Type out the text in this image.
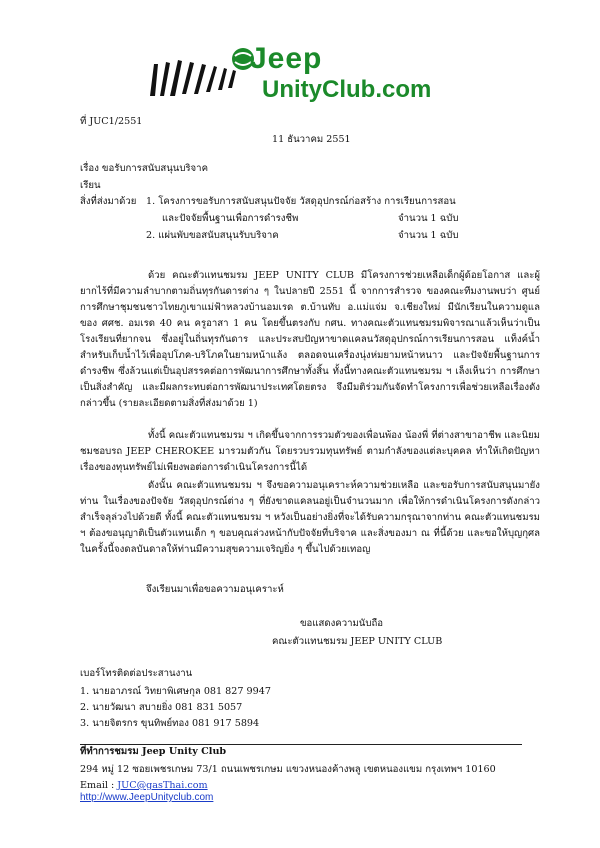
Jeep
UnityClub.com
ที่ JUC1/2551
11 ธันวาคม 2551
เรื่อง ขอรับการสนับสนุนบริจาค
เรียน
สิ่งที่ส่งมาด้วย 1. โครงการขอรับการสนับสนุนปัจจัย วัสดุอุปกรณ์ก่อสร้าง การเรียนการสอน
และปัจจัยพื้นฐานเพื่อการดำรงชีพ	จำนวน 1 ฉบับ
2. แผ่นพับขอสนับสนุนรับบริจาค	จำนวน 1 ฉบับ
ด้วย คณะตัวแทนชมรม JEEP UNITY CLUB มีโครงการช่วยเหลือเด็กผู้ด้อยโอกาส และผู้ยากไร้ที่มีความลำบากตามถิ่นทุรกันดารต่าง ๆ ในปลายปี 2551 นี้ จากการสำรวจ ของคณะทีมงานพบว่า ศูนย์การศึกษาชุมชนชาวไทยภูเขาแม่ฟ้าหลวงบ้านอมเรด ต.บ้านทับ อ.แม่แจ่ม จ.เชียงใหม่ มีนักเรียนในความดูแลของ ศศช. อมเรด 40 คน ครูอาสา 1 คน โดยขึ้นตรงกับ กศน. ทางคณะตัวแทนชมรมพิจารณาแล้วเห็นว่าเป็นโรงเรียนที่ยากจน ซึ่งอยู่ในถิ่นทุรกันดาร และประสบปัญหาขาดแคลนวัสดุอุปกรณ์การเรียนการสอน แท็งค์น้ำสำหรับเก็บน้ำไว้เพื่ออุปโภค-บริโภคในยามหน้าแล้ง ตลอดจนเครื่องนุ่งห่มยามหน้าหนาว และปัจจัยพื้นฐานการดำรงชีพ ซึ่งล้วนแต่เป็นอุปสรรคต่อการพัฒนาการศึกษาทั้งสิ้น ทั้งนี้ทางคณะตัวแทนชมรม ฯ เล็งเห็นว่า การศึกษาเป็นสิ่งสำคัญ และมีผลกระทบต่อการพัฒนาประเทศโดยตรง จึงมีมติร่วมกันจัดทำโครงการเพื่อช่วยเหลือเรื่องดังกล่าวขึ้น (รายละเอียดตามสิ่งที่ส่งมาด้วย 1)
ทั้งนี้ คณะตัวแทนชมรม ฯ เกิดขึ้นจากการรวมตัวของเพื่อนพ้อง น้องพี่ ที่ต่างสาขาอาชีพ และนิยมชมชอบรถ JEEP CHEROKEE มารวมตัวกัน โดยรวบรวมทุนทรัพย์ ตามกำลังของแต่ละบุคคล ทำให้เกิดปัญหาเรื่องของทุนทรัพย์ไม่เพียงพอต่อการดำเนินโครงการนี้ได้
ดังนั้น คณะตัวแทนชมรม ฯ จึงขอความอนุเคราะห์ความช่วยเหลือ และขอรับการสนับสนุนมายังท่าน ในเรื่องของปัจจัย วัสดุอุปกรณ์ต่าง ๆ ที่ยังขาดแคลนอยู่เป็นจำนวนมาก เพื่อให้การดำเนินโครงการดังกล่าวสำเร็จลุล่วงไปด้วยดี ทั้งนี้ คณะตัวแทนชมรม ฯ หวังเป็นอย่างยิ่งที่จะได้รับความกรุณาจากท่าน คณะตัวแทนชมรม ฯ ต้องขอนุญาติเป็นตัวแทนเด็ก ๆ ขอบคุณล่วงหน้ากับปัจจัยที่บริจาค และสิ่งของมา ณ ที่นี้ด้วย และขอให้บุญกุศลในครั้งนี้จงดลบันดาลให้ท่านมีความสุขความเจริญยิ่ง ๆ ขึ้นไปด้วยเทอญ
จึงเรียนมาเพื่อขอความอนุเคราะห์
ขอแสดงความนับถือ
คณะตัวแทนชมรม JEEP UNITY CLUB
เบอร์โทรติดต่อประสานงาน
1. นายอาภรณ์ วิทยาพิเศษกุล 081 827 9947
2. นายวัฒนา สบายยิ่ง 081 831 5057
3. นายจิตรกร ขุนทิพย์ทอง 081 917 5894
ที่ทำการชมรม Jeep Unity Club
294 หมู่ 12 ซอยเพชรเกษม 73/1 ถนนเพชรเกษม แขวงหนองค้างพลู เขตหนองแขม กรุงเทพฯ 10160
Email : JUC@gasThai.com
http://www.JeepUnityclub.com
